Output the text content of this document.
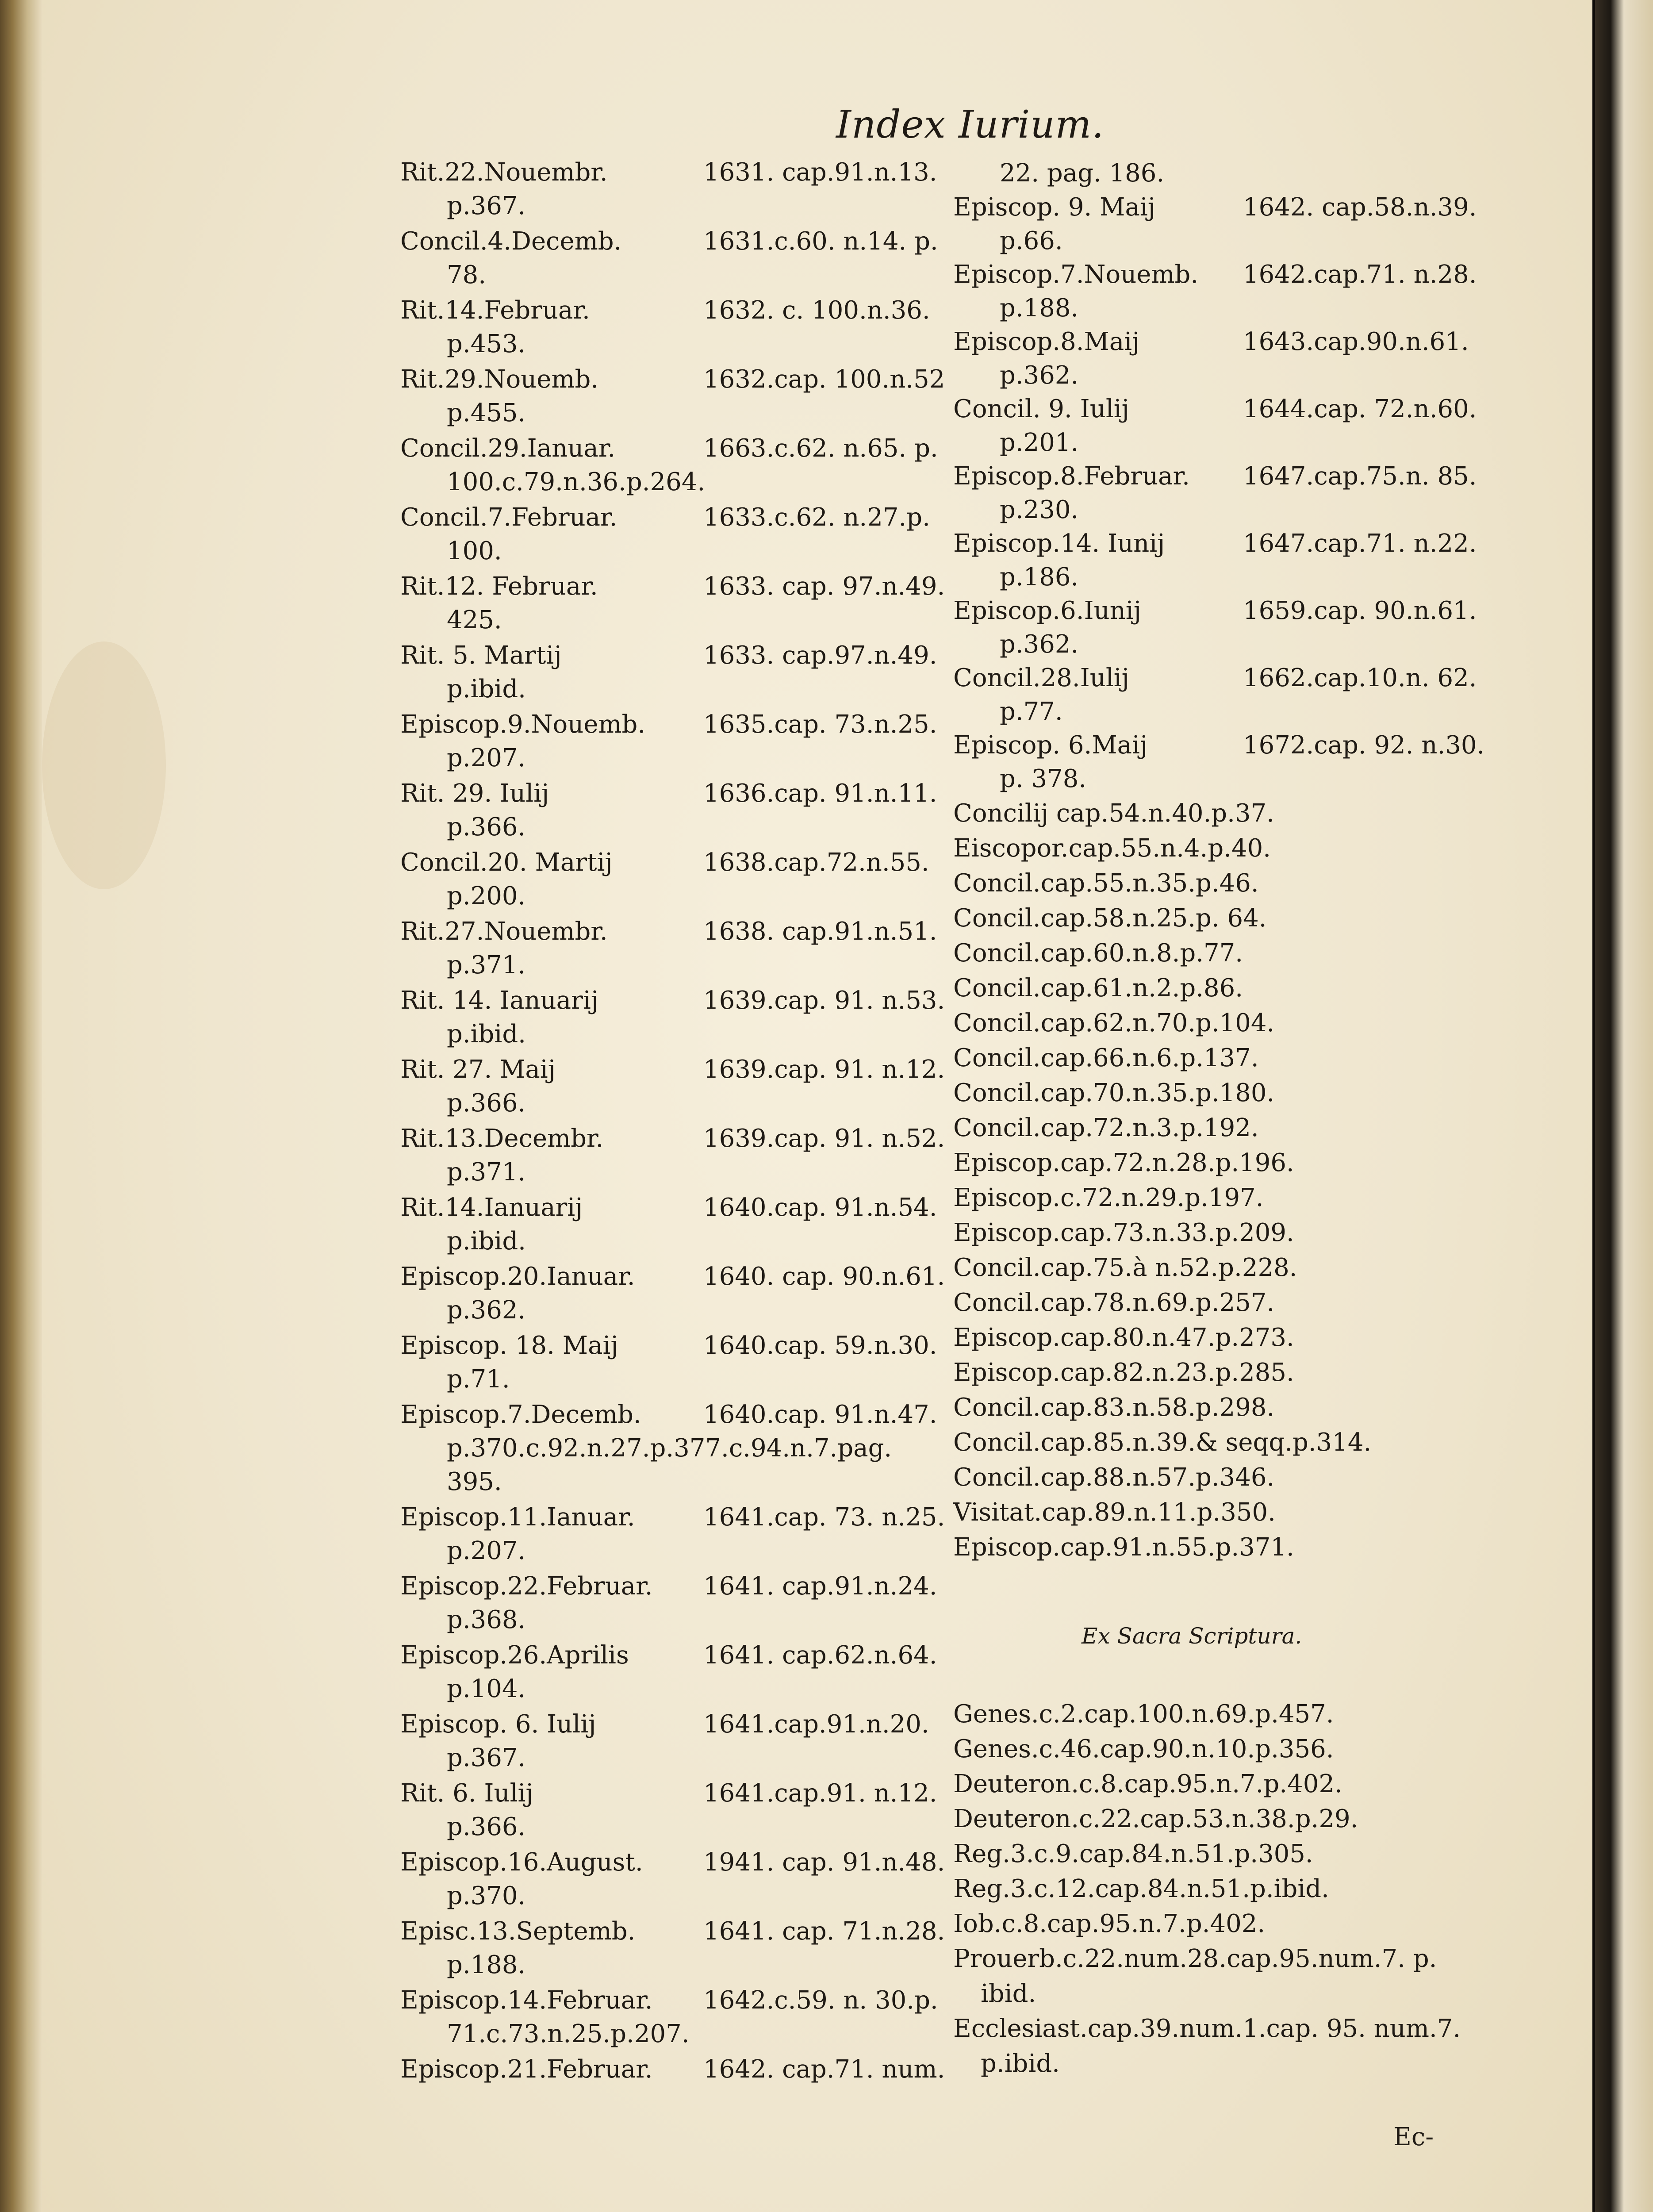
Index Iurium.
Rit.22.Nouembr.	1631. cap.91.n.13.
p.367.
Concil.4.Decemb.	1631.c.60. n.14. p.
78.
Rit.14.Februar.	1632. c. 100.n.36.
p.453.
Rit.29.Nouemb.	1632.cap. 100.n.52
p.455.
Concil.29.Ianuar.	1663.c.62. n.65. p.
100.c.79.n.36.p.264.
Concil.7.Februar.	1633.c.62. n.27.p.
100.
Rit.12. Februar.	1633. cap. 97.n.49.
425.
Rit. 5. Martij	1633. cap.97.n.49.
p.ibid.
Episcop.9.Nouemb. 1635.cap. 73.n.25.
p.207.
Rit. 29. Iulij	1636.cap. 91.n.11.
p.366.
Concil.20. Martij	1638.cap.72.n.55.
p.200.
Rit.27.Nouembr.	1638. cap.91.n.51.
p.371.
Rit. 14. Ianuarij	1639.cap. 91. n.53.
p.ibid.
Rit. 27. Maij	1639.cap. 91. n.12.
p.366.
Rit.13.Decembr.	1639.cap. 91. n.52.
p.371.
Rit.14.Ianuarij	1640.cap. 91.n.54.
p.ibid.
Episcop.20.Ianuar.	1640. cap. 90.n.61.
p.362.
Episcop. 18. Maij	1640.cap. 59.n.30.
p.71.
Episcop.7.Decemb.	1640.cap. 91.n.47.
p.370.c.92.n.27.p.377.c.94.n.7.pag.
395.
Episcop.11.Ianuar.	1641.cap. 73. n.25.
p.207.
Episcop.22.Februar. 1641. cap.91.n.24.
p.368.
Episcop.26.Aprilis	1641. cap.62.n.64.
p.104.
Episcop. 6. Iulij	1641.cap.91.n.20.
p.367.
Rit. 6. Iulij	1641.cap.91. n.12.
p.366.
Episcop.16.August. 1941. cap. 91.n.48.
p.370.
Episc.13.Septemb.	1641. cap. 71.n.28.
p.188.
Episcop.14.Februar. 1642.c.59. n. 30.p.
71.c.73.n.25.p.207.
Episcop.21.Februar. 1642. cap.71. num.
22. pag. 186.
Episcop. 9. Maij	1642. cap.58.n.39.
p.66.
Episcop.7.Nouemb. 1642.cap.71. n.28.
p.188.
Episcop.8.Maij	1643.cap.90.n.61.
p.362.
Concil. 9. Iulij	1644.cap. 72.n.60.
p.201.
Episcop.8.Februar. 1647.cap.75.n. 85.
p.230.
Episcop.14. Iunij	1647.cap.71. n.22.
p.186.
Episcop.6.Iunij	1659.cap. 90.n.61.
p.362.
Concil.28.Iulij	1662.cap.10.n. 62.
p.77.
Episcop. 6.Maij	1672.cap. 92. n.30.
p. 378.
Concilij cap.54.n.40.p.37.
Eiscopor.cap.55.n.4.p.40.
Concil.cap.55.n.35.p.46.
Concil.cap.58.n.25.p. 64.
Concil.cap.60.n.8.p.77.
Concil.cap.61.n.2.p.86.
Concil.cap.62.n.70.p.104.
Concil.cap.66.n.6.p.137.
Concil.cap.70.n.35.p.180.
Concil.cap.72.n.3.p.192.
Episcop.cap.72.n.28.p.196.
Episcop.c.72.n.29.p.197.
Episcop.cap.73.n.33.p.209.
Concil.cap.75.à n.52.p.228.
Concil.cap.78.n.69.p.257.
Episcop.cap.80.n.47.p.273.
Episcop.cap.82.n.23.p.285.
Concil.cap.83.n.58.p.298.
Concil.cap.85.n.39.& seqq.p.314.
Concil.cap.88.n.57.p.346.
Visitat.cap.89.n.11.p.350.
Episcop.cap.91.n.55.p.371.
Ex Sacra Scriptura.
Genes.c.2.cap.100.n.69.p.457.
Genes.c.46.cap.90.n.10.p.356.
Deuteron.c.8.cap.95.n.7.p.402.
Deuteron.c.22.cap.53.n.38.p.29.
Reg.3.c.9.cap.84.n.51.p.305.
Reg.3.c.12.cap.84.n.51.p.ibid.
Iob.c.8.cap.95.n.7.p.402.
Prouerb.c.22.num.28.cap.95.num.7. p.
ibid.
Ecclesiast.cap.39.num.1.cap. 95. num.7.
p.ibid.
Ec-
